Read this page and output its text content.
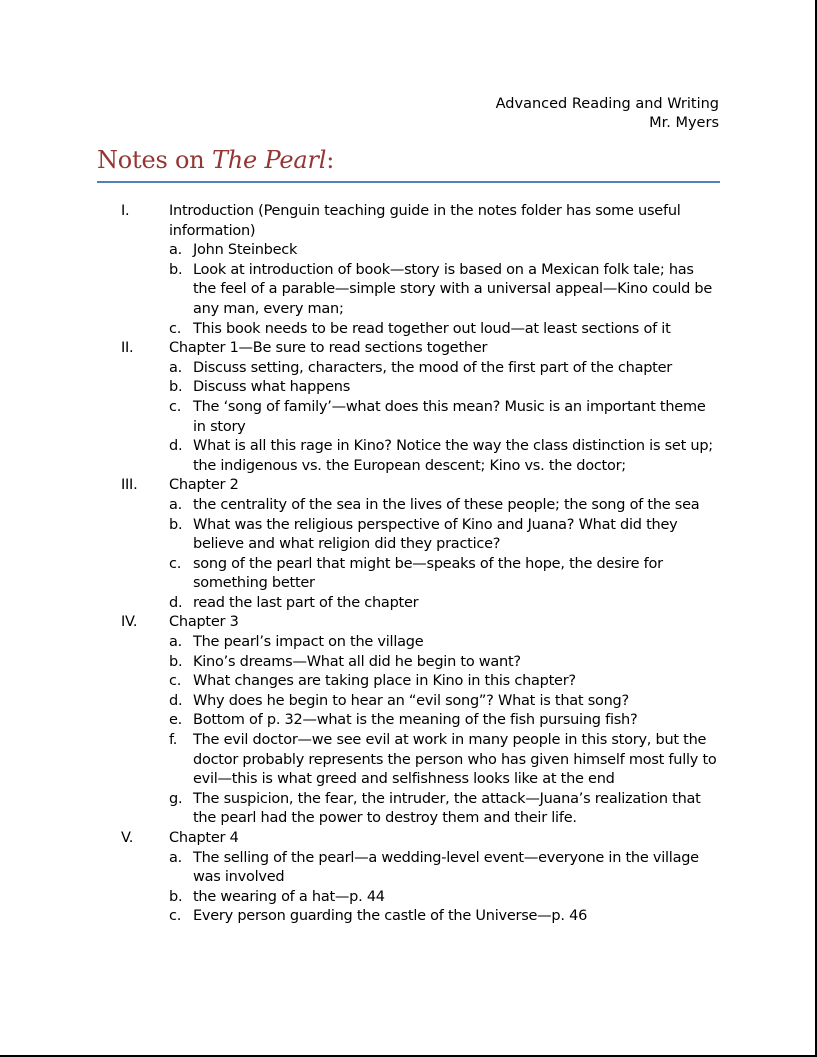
Advanced Reading and Writing
Mr. Myers
Notes on The Pearl:
I.	Introduction (Penguin teaching guide in the notes folder has some useful information)
a. John Steinbeck
b. Look at introduction of book—story is based on a Mexican folk tale; has the feel of a parable—simple story with a universal appeal—Kino could be any man, every man;
c. This book needs to be read together out loud—at least sections of it
II.	Chapter 1—Be sure to read sections together
a. Discuss setting, characters, the mood of the first part of the chapter
b. Discuss what happens
c. The ‘song of family’—what does this mean? Music is an important theme in story
d. What is all this rage in Kino? Notice the way the class distinction is set up; the indigenous vs. the European descent; Kino vs. the doctor;
III.	Chapter 2
a. the centrality of the sea in the lives of these people; the song of the sea
b. What was the religious perspective of Kino and Juana? What did they believe and what religion did they practice?
c. song of the pearl that might be—speaks of the hope, the desire for something better
d. read the last part of the chapter
IV.	Chapter 3
a. The pearl’s impact on the village
b. Kino’s dreams—What all did he begin to want?
c. What changes are taking place in Kino in this chapter?
d. Why does he begin to hear an “evil song”? What is that song?
e. Bottom of p. 32—what is the meaning of the fish pursuing fish?
f.	The evil doctor—we see evil at work in many people in this story, but the doctor probably represents the person who has given himself most fully to evil—this is what greed and selfishness looks like at the end
g. The suspicion, the fear, the intruder, the attack—Juana’s realization that the pearl had the power to destroy them and their life.
V.	Chapter 4
a. The selling of the pearl—a wedding-level event—everyone in the village was involved
b. the wearing of a hat—p. 44
c. Every person guarding the castle of the Universe—p. 46
